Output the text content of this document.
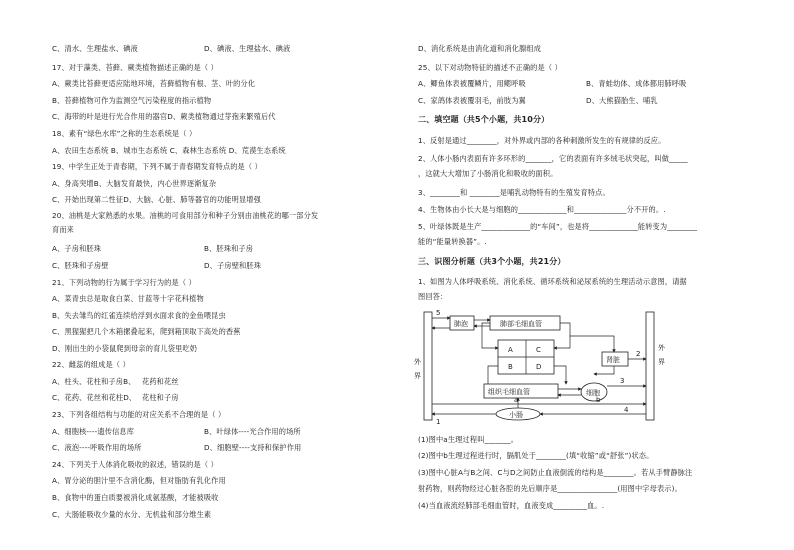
C、清水、生理盐水、碘液	D、碘液、生理盐水、碘液
17、对于藻类、苔藓、蕨类植物描述正确的是（ ）
A、蕨类比苔藓更适应陆地环境，苔藓植物有根、茎、叶的分化
B、苔藓植物可作为监测空气污染程度的指示植物
C、海带的叶是进行光合作用的器官D、蕨类植物通过芽孢来繁殖后代
18、素有“绿色水库”之称的生态系统是（ ）
A、农田生态系统 B、城市生态系统 C、森林生态系统 D、荒漠生态系统
19、中学生正处于青春期，下列不属于青春期发育特点的是（ ）
A、身高突增B、大脑发育最快，内心世界逐渐复杂
C、开始出现第二性征D、大脑、心脏、肺等器官的功能明显增强
20、油桃是大家熟悉的水果。油桃的可食用部分和种子分别由油桃花的哪一部分发
育而来
A、子房和胚珠	B、胚珠和子房
C、胚珠和子房壁	D、子房壁和胚珠
21、下列动物的行为属于学习行为的是（ ）
A、菜青虫总是取食白菜、甘蓝等十字花科植物
B、失去雏鸟的红雀连续给浮到水面求食的金鱼喂昆虫
C、黑猩猩把几个木箱摞叠起来，爬到箱顶取下高处的香蕉
D、刚出生的小袋鼠爬到母亲的育儿袋里吃奶
22、雌蕊的组成是（ ）
A、柱头、花柱和子房B、 花药和花丝
C、花药、花丝和花柱D、 花柱和子房
23、下列各组结构与功能的对应关系不合理的是（ ）
A、细胞核----遗传信息库	B、叶绿体----光合作用的场所
C、液泡----呼吸作用的场所	D、细胞壁----支持和保护作用
24、下列关于人体消化吸收的叙述，错误的是（ ）
A、胃分泌的胆汁里不含消化酶，但对脂肪有乳化作用
B、食物中的蛋白质要被消化成氨基酸，才能被吸收
C、大肠能吸收少量的水分、无机盐和部分维生素
D、消化系统是由消化道和消化腺组成
25、以下对动物特征的描述不正确的是（ ）
A、鲫鱼体表被覆鳞片，用鳃呼吸	B、青蛙幼体、成体都用肺呼吸
C、家鸽体表被覆羽毛，前肢为翼	D、大熊猫胎生、哺乳
二、填空题（共5个小题，共10分）
1、反射是通过________，对外界或内部的各种刺激所发生的有规律的反应。
2、人体小肠内表面有许多环形的_______，它的表面有许多绒毛状突起，叫做_____
，这就大大增加了小肠消化和吸收的面积。
3、________和 ________是哺乳动物特有的生殖发育特点。
4、生物体由小长大是与细胞的_____________和______________分不开的。.
5、叶绿体既是生产_____________的“车间”，也是将_____________能转变为________
能的“能量转换器”。.
三、识图分析题（共3个小题，共21分）
1、如图为人体呼吸系统、消化系统、循环系统和泌尿系统的生理活动示意图，请据
图回答：
外
界
外
界
肺泡	肺部毛细血管
5
A	C
B	D
肾脏
2
组织毛细血管	细胞
3
小肠
a	b
4
1
(1)图中a生理过程叫_______。
(2)图中b生理过程进行时，膈肌处于________(填“收缩”或“舒张”)状态。
(3)图中心脏A与B之间、C与D之间防止血液倒流的结构是________。若从手臂静脉注
射药物，则药物经过心脏各腔的先后顺序是________________(用图中字母表示)。
(4)当血液流经肺部毛细血管时，血液变成_________血。.
